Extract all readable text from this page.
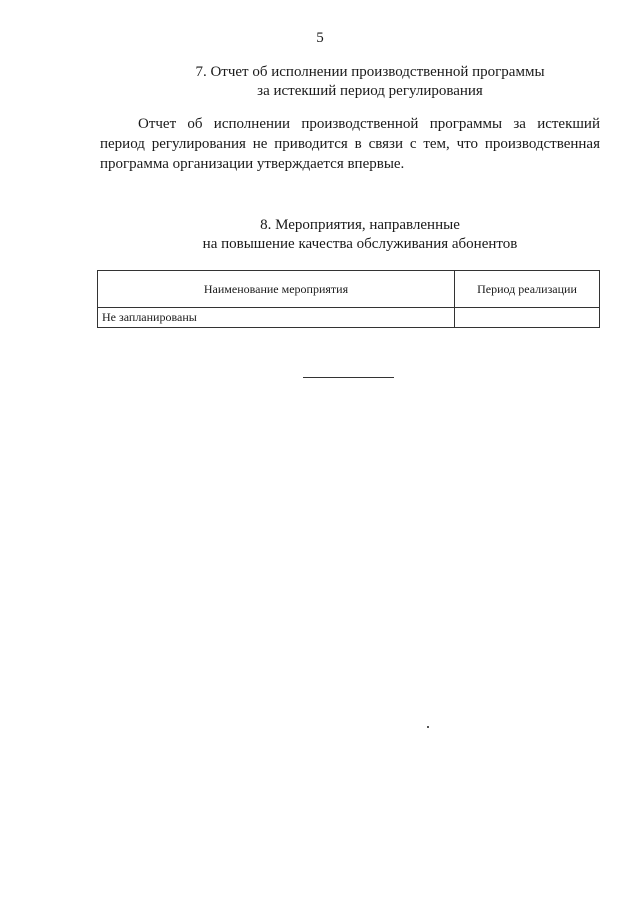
5
7. Отчет об исполнении производственной программы
за истекший период регулирования
Отчет об исполнении производственной программы за истекший период регулирования не приводится в связи с тем, что производственная программа организации утверждается впервые.
8. Мероприятия, направленные
на повышение качества обслуживания абонентов
Наименование мероприятия	Период реализации
Не запланированы	
